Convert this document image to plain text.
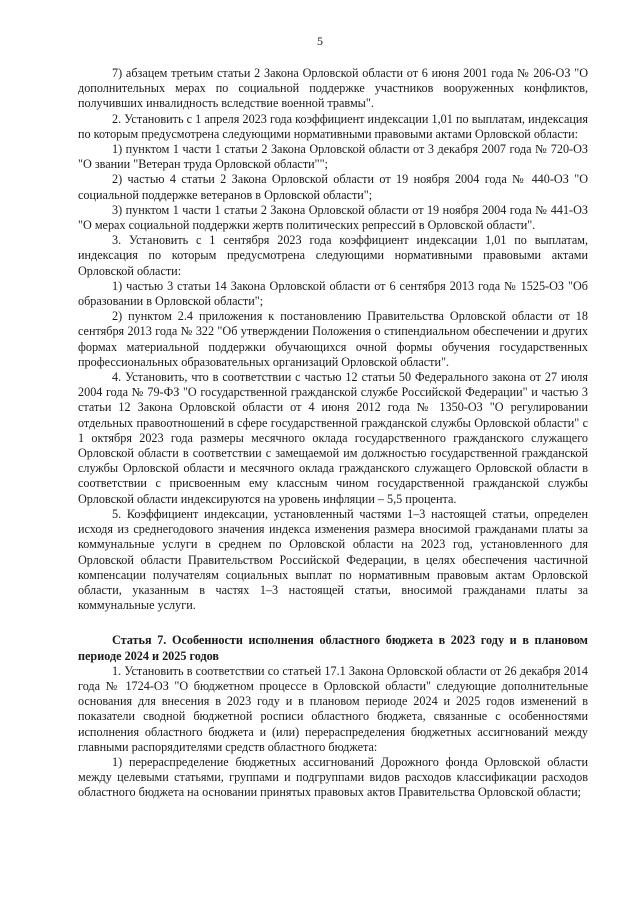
5

7) абзацем третьим статьи 2 Закона Орловской области от 6 июня 2001 года № 206-ОЗ "О дополнительных мерах по социальной поддержке участников вооруженных конфликтов, получивших инвалидность вследствие военной травмы".

2. Установить с 1 апреля 2023 года коэффициент индексации 1,01 по выплатам, индексация по которым предусмотрена следующими нормативными правовыми актами Орловской области:

1) пунктом 1 части 1 статьи 2 Закона Орловской области от 3 декабря 2007 года № 720-ОЗ "О звании "Ветеран труда Орловской области"";

2) частью 4 статьи 2 Закона Орловской области от 19 ноября 2004 года № 440-ОЗ "О социальной поддержке ветеранов в Орловской области";

3) пунктом 1 части 1 статьи 2 Закона Орловской области от 19 ноября 2004 года № 441-ОЗ "О мерах социальной поддержки жертв политических репрессий в Орловской области".

3. Установить с 1 сентября 2023 года коэффициент индексации 1,01 по выплатам, индексация по которым предусмотрена следующими нормативными правовыми актами Орловской области:

1) частью 3 статьи 14 Закона Орловской области от 6 сентября 2013 года № 1525-ОЗ "Об образовании в Орловской области";

2) пунктом 2.4 приложения к постановлению Правительства Орловской области от 18 сентября 2013 года № 322 "Об утверждении Положения о стипендиальном обеспечении и других формах материальной поддержки обучающихся очной формы обучения государственных профессиональных образовательных организаций Орловской области".

4. Установить, что в соответствии с частью 12 статьи 50 Федерального закона от 27 июля 2004 года № 79-ФЗ "О государственной гражданской службе Российской Федерации" и частью 3 статьи 12 Закона Орловской области от 4 июня 2012 года № 1350-ОЗ "О регулировании отдельных правоотношений в сфере государственной гражданской службы Орловской области" с 1 октября 2023 года размеры месячного оклада государственного гражданского служащего Орловской области в соответствии с замещаемой им должностью государственной гражданской службы Орловской области и месячного оклада гражданского служащего Орловской области в соответствии с присвоенным ему классным чином государственной гражданской службы Орловской области индексируются на уровень инфляции – 5,5 процента.

5. Коэффициент индексации, установленный частями 1–3 настоящей статьи, определен исходя из среднегодового значения индекса изменения размера вносимой гражданами платы за коммунальные услуги в среднем по Орловской области на 2023 год, установленного для Орловской области Правительством Российской Федерации, в целях обеспечения частичной компенсации получателям социальных выплат по нормативным правовым актам Орловской области, указанным в частях 1–3 настоящей статьи, вносимой гражданами платы за коммунальные услуги.

Статья 7. Особенности исполнения областного бюджета в 2023 году и в плановом периоде 2024 и 2025 годов

1. Установить в соответствии со статьей 17.1 Закона Орловской области от 26 декабря 2014 года № 1724-ОЗ "О бюджетном процессе в Орловской области" следующие дополнительные основания для внесения в 2023 году и в плановом периоде 2024 и 2025 годов изменений в показатели сводной бюджетной росписи областного бюджета, связанные с особенностями исполнения областного бюджета и (или) перераспределения бюджетных ассигнований между главными распорядителями средств областного бюджета:

1) перераспределение бюджетных ассигнований Дорожного фонда Орловской области между целевыми статьями, группами и подгруппами видов расходов классификации расходов областного бюджета на основании принятых правовых актов Правительства Орловской области;
